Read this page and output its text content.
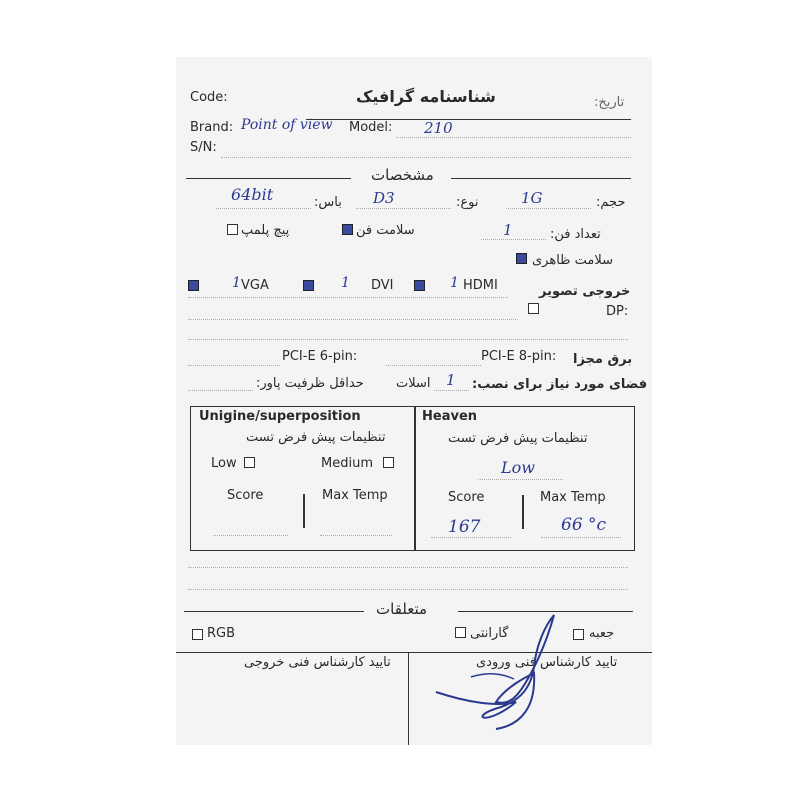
Code:	شناسنامه گرافیک	تاریخ:
Brand: Point of view Model: 210
S/N:
مشخصات
حجم:
1G
نوع:
D3
باس:
64bit
تعداد فن:
1
سلامت فن
پیچ پلمپ
سلامت ظاهری
خروجی تصویر
1 VGA	1 DVI	1 HDMI
DP:
برق مجزا
PCI-E 8-pin:
PCI-E 6-pin:
فضای مورد نیاز برای نصب:
1
اسلات
حداقل ظرفیت پاور:
Unigine/superposition
تنظیمات پیش فرض تست
Low	Medium
Score	Max Temp
Heaven
تنظیمات پیش فرض تست
Low
Score	Max Temp
167	66 °c
متعلقات
جعبه
گارانتی
RGB
تایید کارشناس فنی ورودی
تایید کارشناس فنی خروجی
